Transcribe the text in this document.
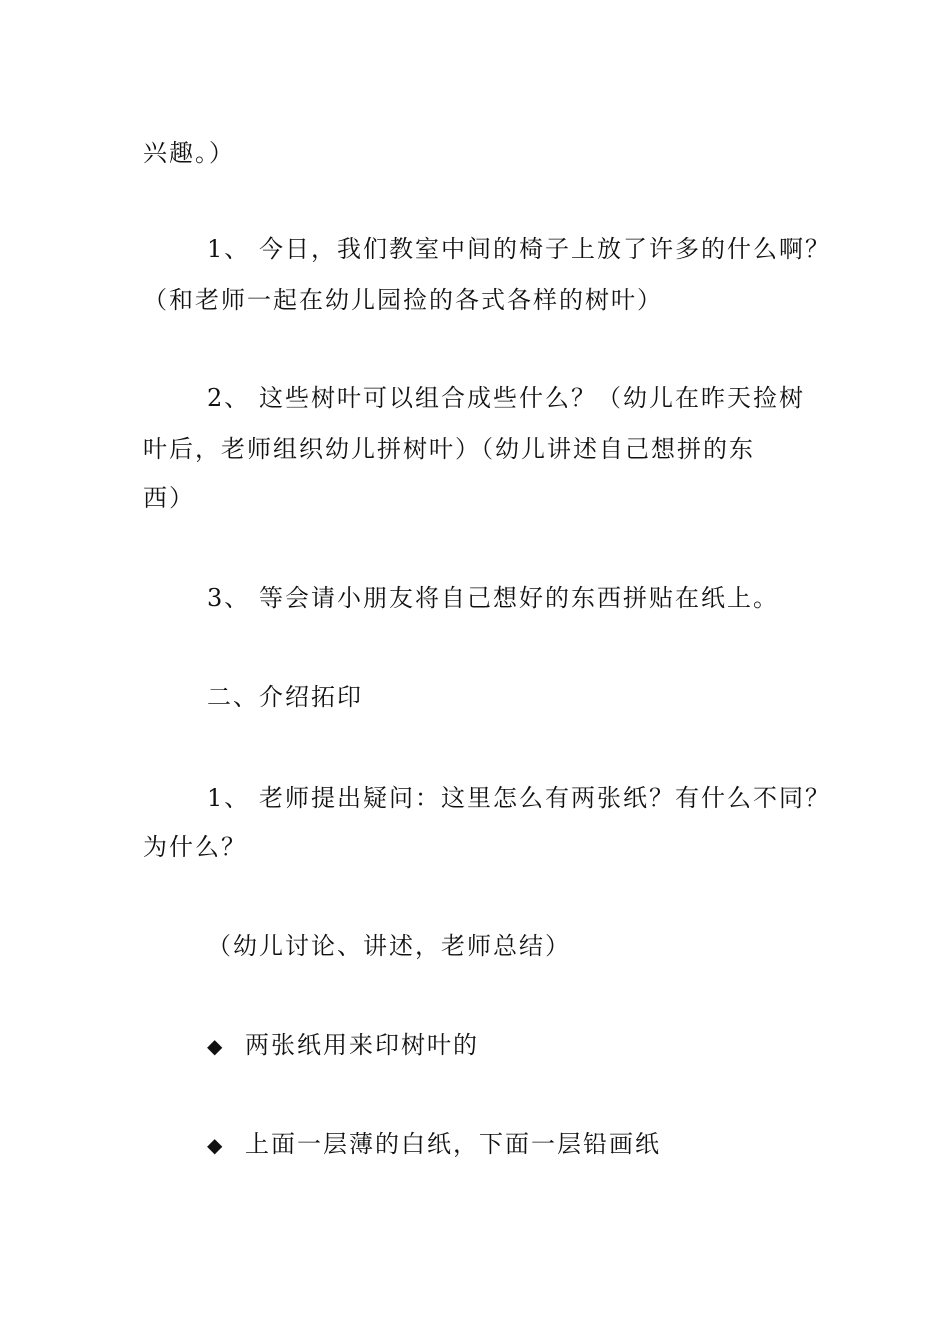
兴趣。）
1、 今日，我们教室中间的椅子上放了许多的什么啊？
（和老师一起在幼儿园捡的各式各样的树叶）
2、 这些树叶可以组合成些什么？（幼儿在昨天捡树
叶后，老师组织幼儿拼树叶）（幼儿讲述自己想拼的东
西）
3、 等会请小朋友将自己想好的东西拼贴在纸上。
二、介绍拓印
1、 老师提出疑问：这里怎么有两张纸？有什么不同？
为什么？
（幼儿讨论、讲述，老师总结）
◆ 两张纸用来印树叶的
◆ 上面一层薄的白纸，下面一层铅画纸
